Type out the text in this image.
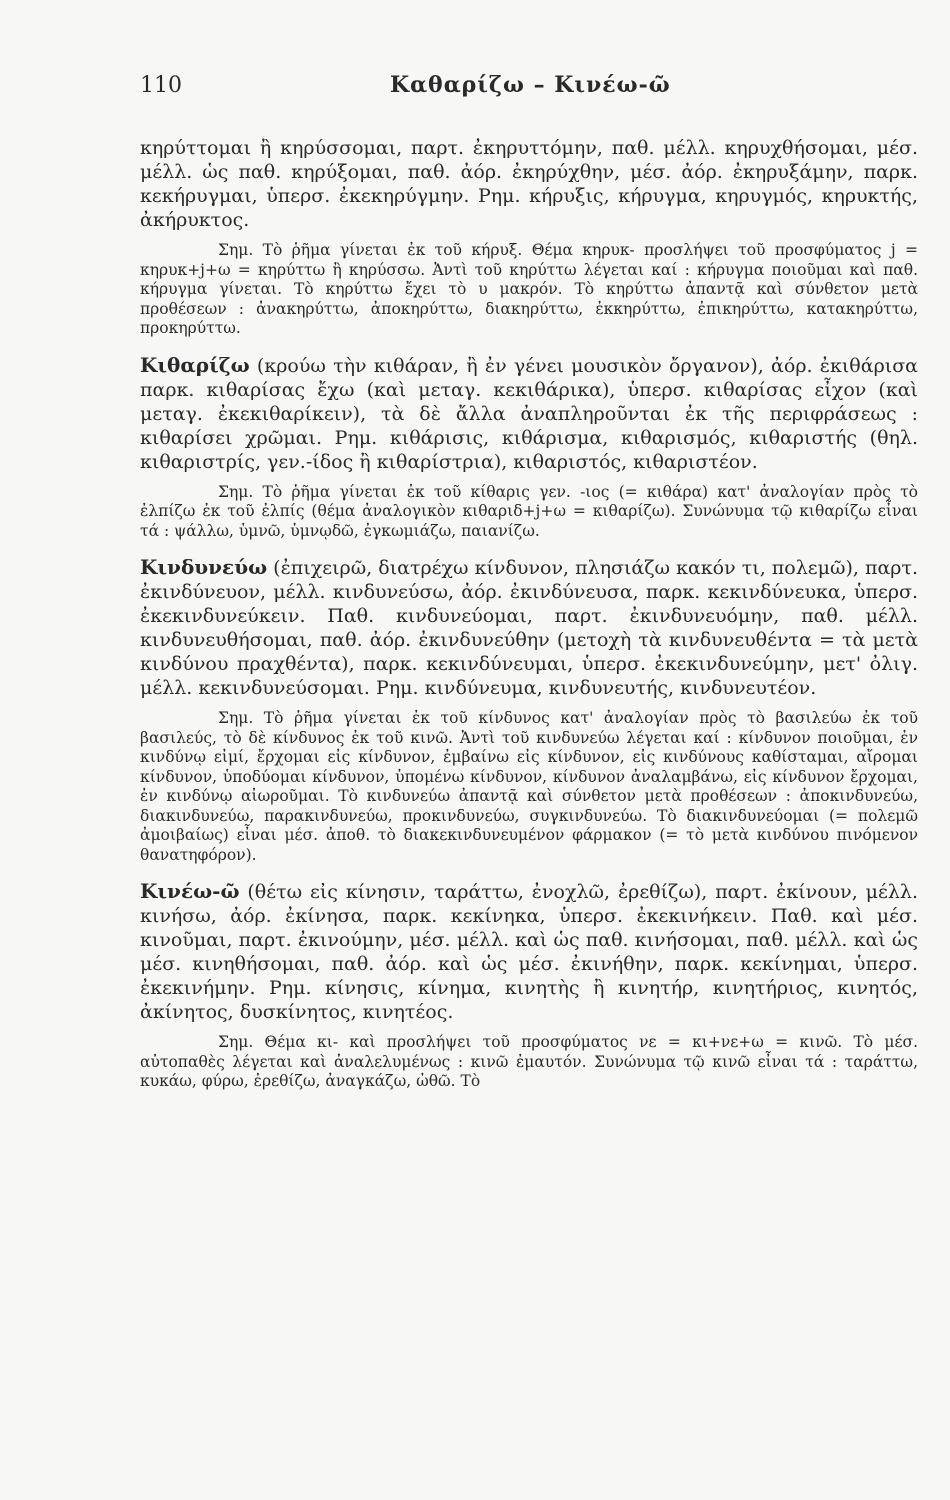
110	Καθαρίζω – Κινέω-ῶ

κηρύττομαι ἢ κηρύσσομαι, παρτ. ἐκηρυττόμην, παθ. μέλλ. κηρυχθήσομαι, μέσ. μέλλ. ὡς παθ. κηρύξομαι, παθ. ἀόρ. ἐκηρύχθην, μέσ. ἀόρ. ἐκηρυξάμην, παρκ. κεκήρυγμαι, ὑπερσ. ἐκεκηρύγμην. Ρημ. κήρυξις, κήρυγμα, κηρυγμός, κηρυκτής, ἀκήρυκτος.

Σημ. Τὸ ῥῆμα γίνεται ἐκ τοῦ κήρυξ. Θέμα κηρυκ- προσλήψει τοῦ προσφύματος j = κηρυκ+j+ω = κηρύττω ἢ κηρύσσω. Ἀντὶ τοῦ κηρύττω λέγεται καί : κήρυγμα ποιοῦμαι καὶ παθ. κήρυγμα γίνεται. Τὸ κηρύττω ἔχει τὸ υ μακρόν. Τὸ κηρύττω ἀπαντᾷ καὶ σύνθετον μετὰ προθέσεων : ἀνακηρύττω, ἀποκηρύττω, διακηρύττω, ἐκκηρύττω, ἐπικηρύττω, κατακηρύττω, προκηρύττω.

Κιθαρίζω (κρούω τὴν κιθάραν, ἢ ἐν γένει μουσικὸν ὄργανον), ἀόρ. ἐκιθάρισα παρκ. κιθαρίσας ἔχω (καὶ μεταγ. κεκιθάρικα), ὑπερσ. κιθαρίσας εἶχον (καὶ μεταγ. ἐκεκιθαρίκειν), τὰ δὲ ἄλλα ἀναπληροῦνται ἐκ τῆς περιφράσεως : κιθαρίσει χρῶμαι. Ρημ. κιθάρισις, κιθάρισμα, κιθαρισμός, κιθαριστής (θηλ. κιθαριστρίς, γεν.-ίδος ἢ κιθαρίστρια), κιθαριστός, κιθαριστέον.

Σημ. Τὸ ῥῆμα γίνεται ἐκ τοῦ κίθαρις γεν. -ιος (= κιθάρα) κατ' ἀναλογίαν πρὸς τὸ ἐλπίζω ἐκ τοῦ ἐλπίς (θέμα ἀναλογικὸν κιθαριδ+j+ω = κιθαρίζω). Συνώνυμα τῷ κιθαρίζω εἶναι τά : ψάλλω, ὑμνῶ, ὑμνῳδῶ, ἐγκωμιάζω, παιανίζω.

Κινδυνεύω (ἐπιχειρῶ, διατρέχω κίνδυνον, πλησιάζω κακόν τι, πολεμῶ), παρτ. ἐκινδύνευον, μέλλ. κινδυνεύσω, ἀόρ. ἐκινδύνευσα, παρκ. κεκινδύνευκα, ὑπερσ. ἐκεκινδυνεύκειν. Παθ. κινδυνεύομαι, παρτ. ἐκινδυνευόμην, παθ. μέλλ. κινδυνευθήσομαι, παθ. ἀόρ. ἐκινδυνεύθην (μετοχὴ τὰ κινδυνευθέντα = τὰ μετὰ κινδύνου πραχθέντα), παρκ. κεκινδύνευμαι, ὑπερσ. ἐκεκινδυνεύμην, μετ' ὀλιγ. μέλλ. κεκινδυνεύσομαι. Ρημ. κινδύνευμα, κινδυνευτής, κινδυνευτέον.

Σημ. Τὸ ῥῆμα γίνεται ἐκ τοῦ κίνδυνος κατ' ἀναλογίαν πρὸς τὸ βασιλεύω ἐκ τοῦ βασιλεύς, τὸ δὲ κίνδυνος ἐκ τοῦ κινῶ. Ἀντὶ τοῦ κινδυνεύω λέγεται καί : κίνδυνον ποιοῦμαι, ἐν κινδύνῳ εἰμί, ἔρχομαι εἰς κίνδυνον, ἐμβαίνω εἰς κίνδυνον, εἰς κινδύνους καθίσταμαι, αἴρομαι κίνδυνον, ὑποδύομαι κίνδυνον, ὑπομένω κίνδυνον, κίνδυνον ἀναλαμβάνω, εἰς κίνδυνον ἔρχομαι, ἐν κινδύνῳ αἰωροῦμαι. Τὸ κινδυνεύω ἀπαντᾷ καὶ σύνθετον μετὰ προθέσεων : ἀποκινδυνεύω, διακινδυνεύω, παρακινδυνεύω, προκινδυνεύω, συγκινδυνεύω. Τὸ διακινδυνεύομαι (= πολεμῶ ἀμοιβαίως) εἶναι μέσ. ἀποθ. τὸ διακεκινδυνευμένον φάρμακον (= τὸ μετὰ κινδύνου πινόμενον θανατηφόρον).

Κινέω-ῶ (θέτω εἰς κίνησιν, ταράττω, ἐνοχλῶ, ἐρεθίζω), παρτ. ἐκίνουν, μέλλ. κινήσω, ἀόρ. ἐκίνησα, παρκ. κεκίνηκα, ὑπερσ. ἐκεκινήκειν. Παθ. καὶ μέσ. κινοῦμαι, παρτ. ἐκινούμην, μέσ. μέλλ. καὶ ὡς παθ. κινήσομαι, παθ. μέλλ. καὶ ὡς μέσ. κινηθήσομαι, παθ. ἀόρ. καὶ ὡς μέσ. ἐκινήθην, παρκ. κεκίνημαι, ὑπερσ. ἐκεκινήμην. Ρημ. κίνησις, κίνημα, κινητὴς ἢ κινητήρ, κινητήριος, κινητός, ἀκίνητος, δυσκίνητος, κινητέος.

Σημ. Θέμα κι- καὶ προσλήψει τοῦ προσφύματος νε = κι+νε+ω = κινῶ. Τὸ μέσ. αὐτοπαθὲς λέγεται καὶ ἀναλελυμένως : κινῶ ἐμαυτόν. Συνώνυμα τῷ κινῶ εἶναι τά : ταράττω, κυκάω, φύρω, ἐρεθίζω, ἀναγκάζω, ὠθῶ. Τὸ
